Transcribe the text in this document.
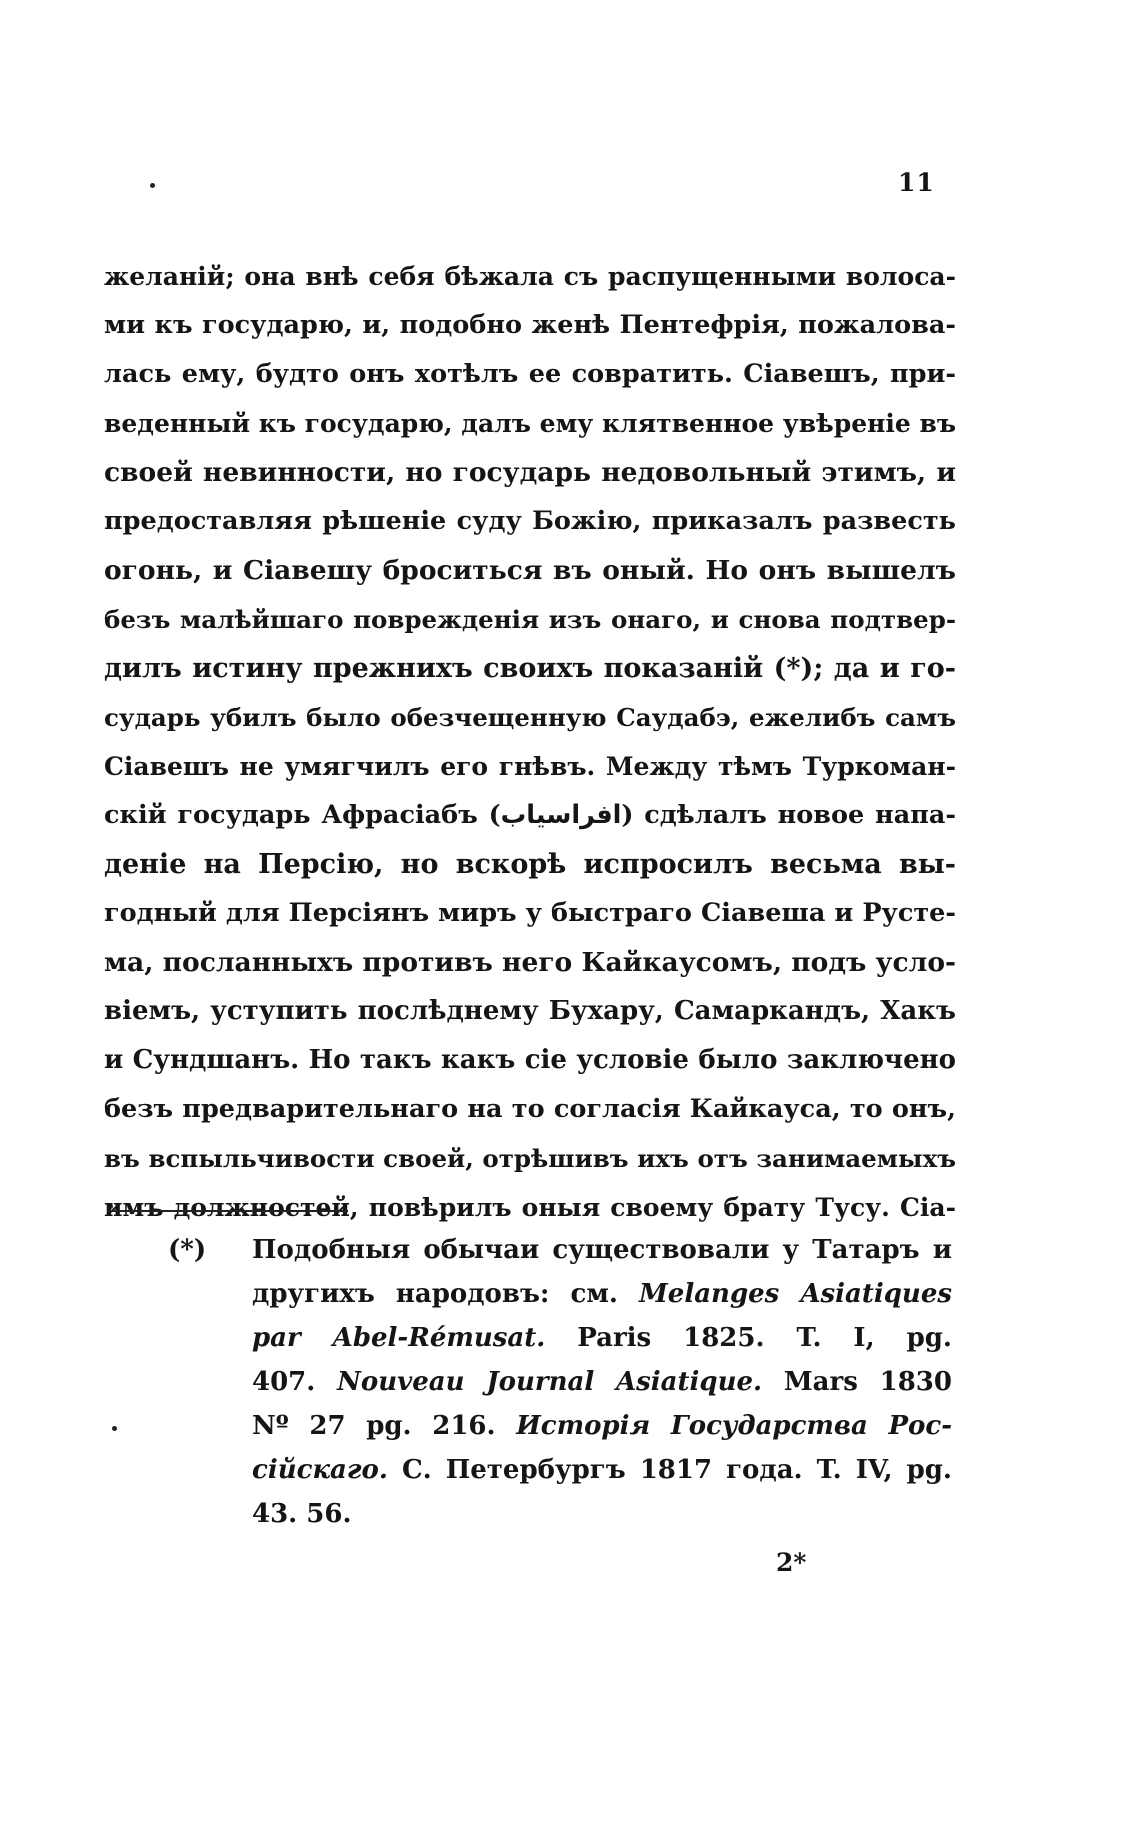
11
желаній; она внѣ себя бѣжала съ распущенными волоса-
ми къ государю, и, подобно женѣ Пентефрія, пожалова-
лась ему, будто онъ хотѣлъ ее совратить. Сіавешъ, при-
веденный къ государю, далъ ему клятвенное увѣреніе въ
своей невинности, но государь недовольный этимъ, и
предоставляя рѣшеніе суду Божію, приказалъ развесть
огонь, и Сіавешу броситься въ оный. Но онъ вышелъ
безъ малѣйшаго поврежденія изъ онаго, и снова подтвер-
дилъ истину прежнихъ своихъ показаній (*); да и го-
сударь убилъ было обезчещенную Саудабэ, ежелибъ самъ
Сіавешъ не умягчилъ его гнѣвъ. Между тѣмъ Туркоман-
скій государь Афрасіабъ (افراسياب) сдѣлалъ новое напа-
деніе на Персію, но вскорѣ испросилъ весьма вы-
годный для Персіянъ миръ у быстраго Сіавеша и Рустe-
ма, посланныхъ противъ него Кайкаусомъ, подъ усло-
віемъ, уступить послѣднему Бухару, Самаркандъ, Хакъ
и Сундшанъ. Но такъ какъ сіе условіе было заключено
безъ предварительнаго на то согласія Кайкауса, то онъ,
въ вспыльчивости своей, отрѣшивъ ихъ отъ занимаемыхъ
имъ должностей, повѣрилъ оныя своему брату Тусу. Сіа-
(*) Подобныя обычаи существовали у Татаръ и
другихъ народовъ: см. Melanges Asiatiques
par Abel-Rémusat. Paris 1825. T. I, pg.
407. Nouveau Journal Asiatique. Mars 1830
Nº 27 pg. 216. Исторія Государства Рос-
сійскаго. С. Петербургъ 1817 года. T. IV, pg.
43. 56.
2*
